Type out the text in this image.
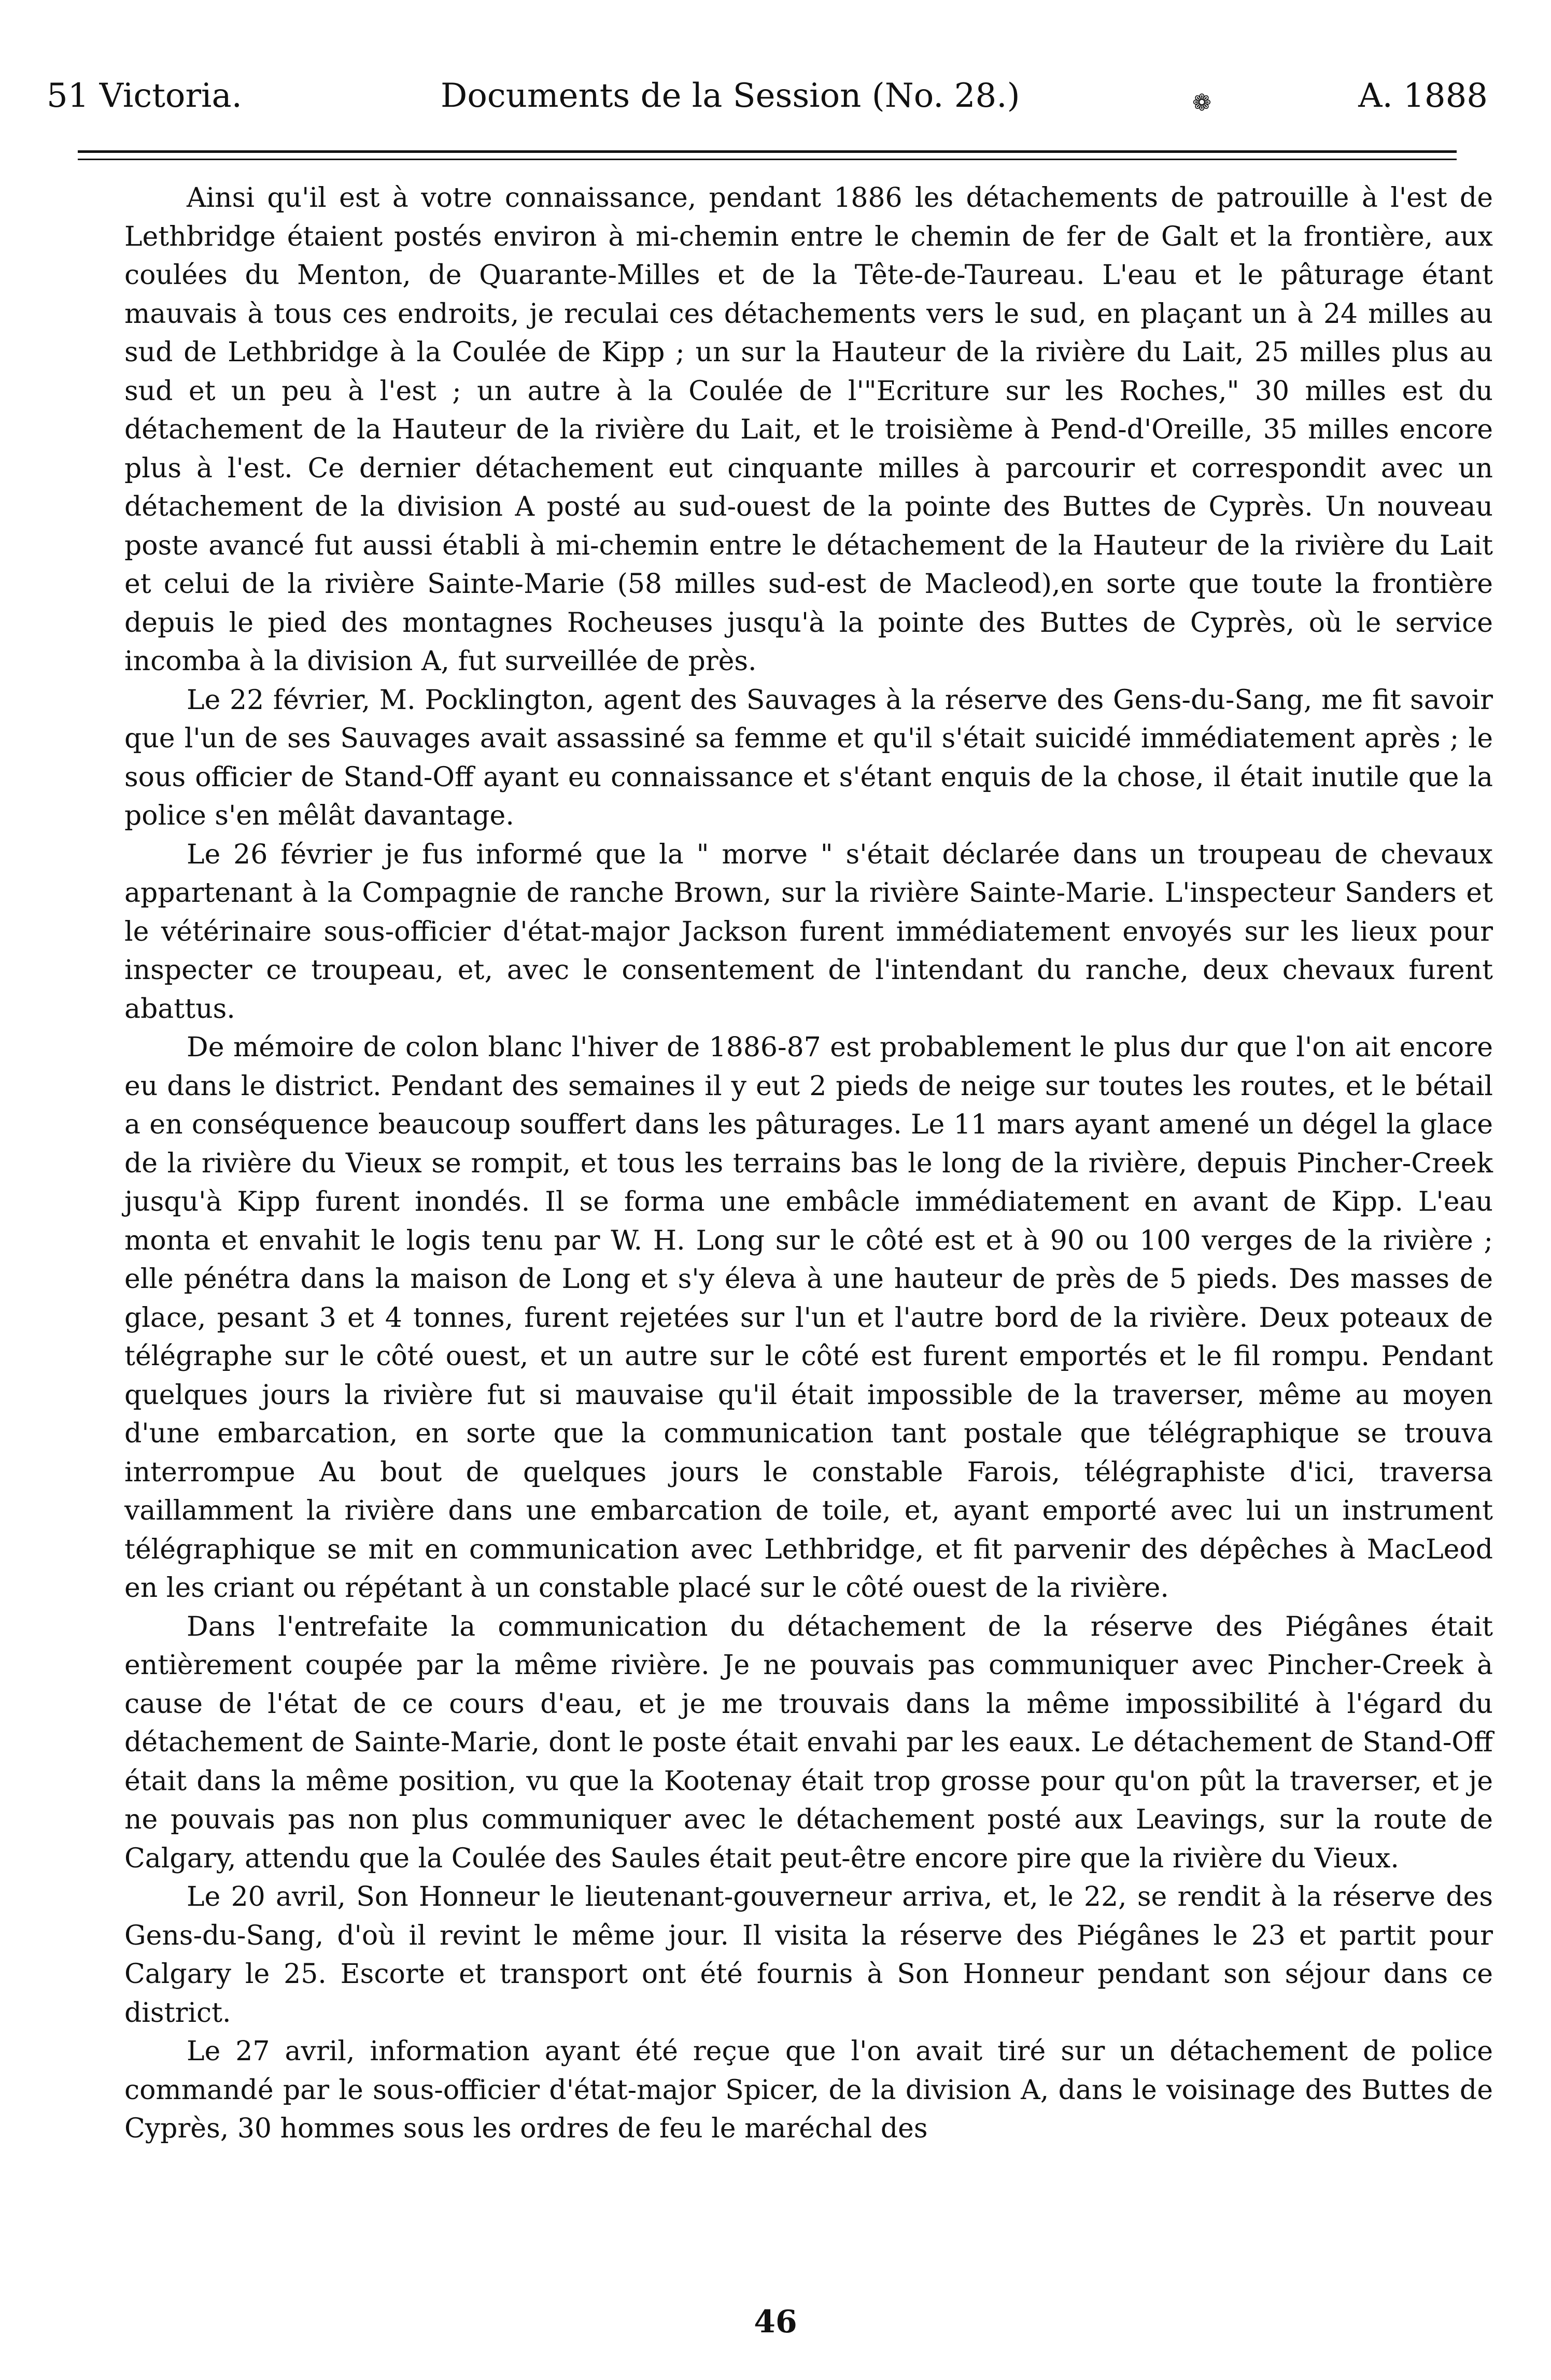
51 Victoria.	Documents de la Session (No. 28.)	❁	A. 1888

Ainsi qu'il est à votre connaissance, pendant 1886 les détachements de patrouille à l'est de Lethbridge étaient postés environ à mi-chemin entre le chemin de fer de Galt et la frontière, aux coulées du Menton, de Quarante-Milles et de la Tête-de-Taureau. L'eau et le pâturage étant mauvais à tous ces endroits, je reculai ces détachements vers le sud, en plaçant un à 24 milles au sud de Lethbridge à la Coulée de Kipp ; un sur la Hauteur de la rivière du Lait, 25 milles plus au sud et un peu à l'est ; un autre à la Coulée de l'"Ecriture sur les Roches," 30 milles est du détachement de la Hauteur de la rivière du Lait, et le troisième à Pend-d'Oreille, 35 milles encore plus à l'est. Ce dernier détachement eut cinquante milles à parcourir et correspondit avec un détachement de la division A posté au sud-ouest de la pointe des Buttes de Cyprès. Un nouveau poste avancé fut aussi établi à mi-chemin entre le détachement de la Hauteur de la rivière du Lait et celui de la rivière Sainte-Marie (58 milles sud-est de Macleod),en sorte que toute la frontière depuis le pied des montagnes Rocheuses jusqu'à la pointe des Buttes de Cyprès, où le service incomba à la division A, fut surveillée de près.

Le 22 février, M. Pocklington, agent des Sauvages à la réserve des Gens-du-Sang, me fit savoir que l'un de ses Sauvages avait assassiné sa femme et qu'il s'était suicidé immédiatement après ; le sous officier de Stand-Off ayant eu connaissance et s'étant enquis de la chose, il était inutile que la police s'en mêlât davantage.

Le 26 février je fus informé que la " morve " s'était déclarée dans un troupeau de chevaux appartenant à la Compagnie de ranche Brown, sur la rivière Sainte-Marie. L'inspecteur Sanders et le vétérinaire sous-officier d'état-major Jackson furent immédiatement envoyés sur les lieux pour inspecter ce troupeau, et, avec le consentement de l'intendant du ranche, deux chevaux furent abattus.

De mémoire de colon blanc l'hiver de 1886-87 est probablement le plus dur que l'on ait encore eu dans le district. Pendant des semaines il y eut 2 pieds de neige sur toutes les routes, et le bétail a en conséquence beaucoup souffert dans les pâturages. Le 11 mars ayant amené un dégel la glace de la rivière du Vieux se rompit, et tous les terrains bas le long de la rivière, depuis Pincher-Creek jusqu'à Kipp furent inondés. Il se forma une embâcle immédiatement en avant de Kipp. L'eau monta et envahit le logis tenu par W. H. Long sur le côté est et à 90 ou 100 verges de la rivière ; elle pénétra dans la maison de Long et s'y éleva à une hauteur de près de 5 pieds. Des masses de glace, pesant 3 et 4 tonnes, furent rejetées sur l'un et l'autre bord de la rivière. Deux poteaux de télégraphe sur le côté ouest, et un autre sur le côté est furent emportés et le fil rompu. Pendant quelques jours la rivière fut si mauvaise qu'il était impossible de la traverser, même au moyen d'une embarcation, en sorte que la communication tant postale que télégraphique se trouva interrompue Au bout de quelques jours le constable Farois, télégraphiste d'ici, traversa vaillamment la rivière dans une embarcation de toile, et, ayant emporté avec lui un instrument télégraphique se mit en communication avec Lethbridge, et fit parvenir des dépêches à MacLeod en les criant ou répétant à un constable placé sur le côté ouest de la rivière.

Dans l'entrefaite la communication du détachement de la réserve des Piégânes était entièrement coupée par la même rivière. Je ne pouvais pas communiquer avec Pincher-Creek à cause de l'état de ce cours d'eau, et je me trouvais dans la même impossibilité à l'égard du détachement de Sainte-Marie, dont le poste était envahi par les eaux. Le détachement de Stand-Off était dans la même position, vu que la Kootenay était trop grosse pour qu'on pût la traverser, et je ne pouvais pas non plus communiquer avec le détachement posté aux Leavings, sur la route de Calgary, attendu que la Coulée des Saules était peut-être encore pire que la rivière du Vieux.

Le 20 avril, Son Honneur le lieutenant-gouverneur arriva, et, le 22, se rendit à la réserve des Gens-du-Sang, d'où il revint le même jour. Il visita la réserve des Piégânes le 23 et partit pour Calgary le 25. Escorte et transport ont été fournis à Son Honneur pendant son séjour dans ce district.

Le 27 avril, information ayant été reçue que l'on avait tiré sur un détachement de police commandé par le sous-officier d'état-major Spicer, de la division A, dans le voisinage des Buttes de Cyprès, 30 hommes sous les ordres de feu le maréchal des

46
